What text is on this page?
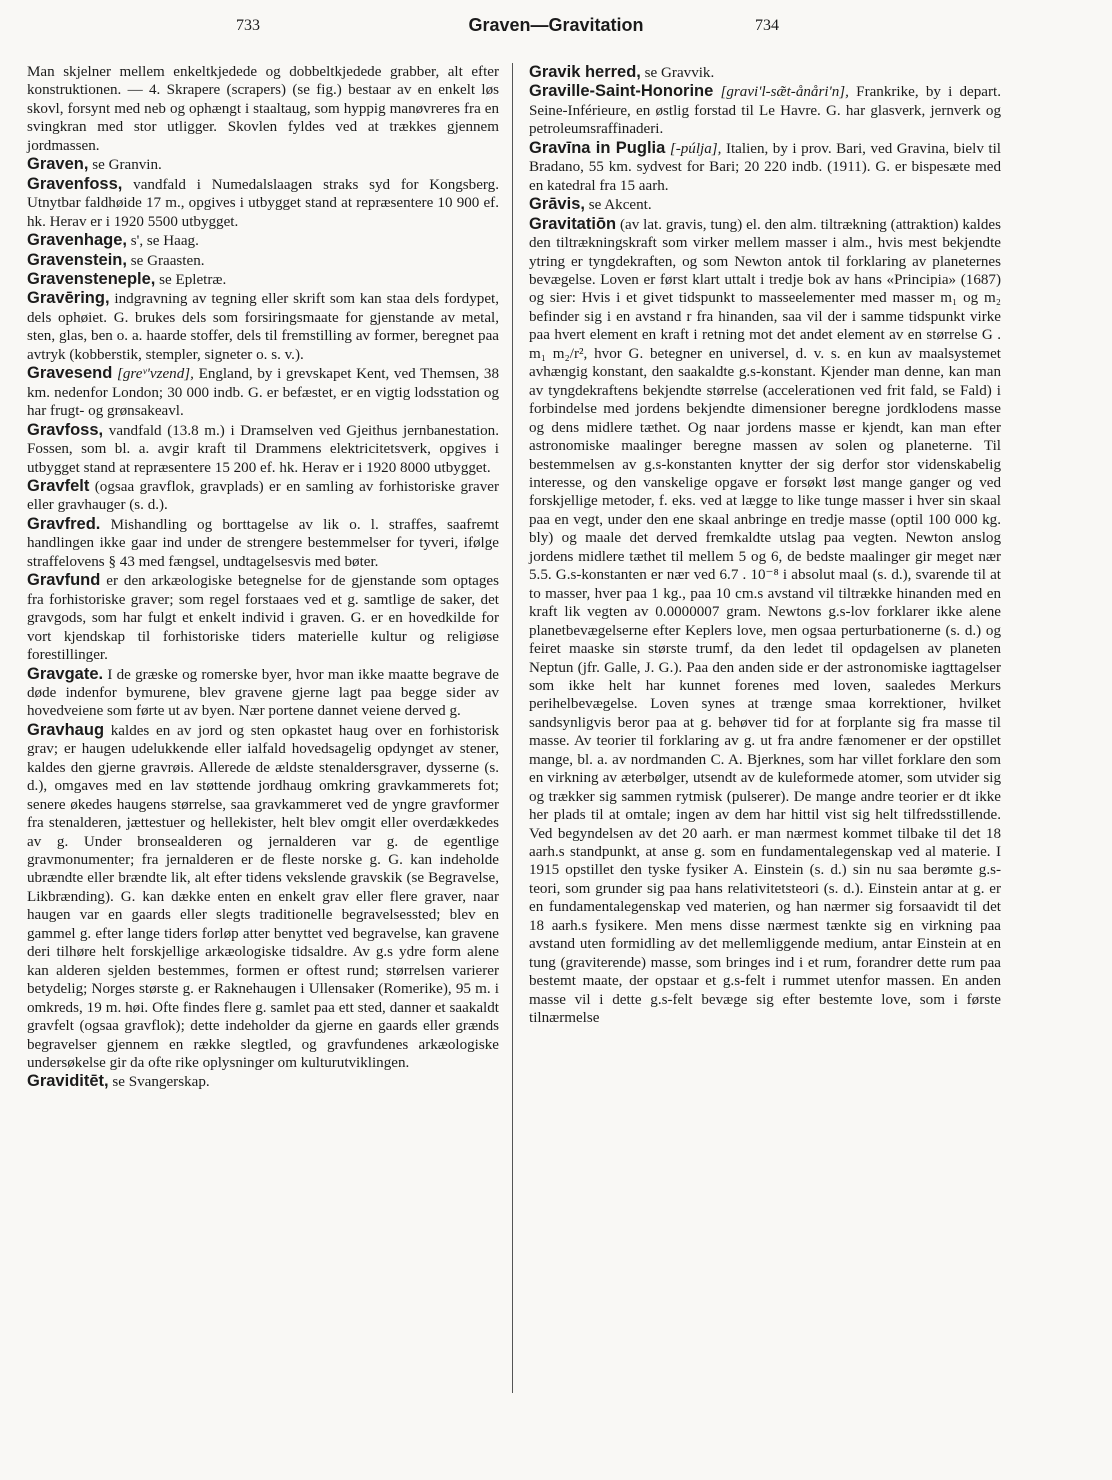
733	Graven—Gravitation	734

Man skjelner mellem enkeltkjedede og dobbeltkjedede grabber, alt efter konstruktionen. — 4. Skrapere (scrapers) (se fig.) bestaar av en enkelt løs skovl, forsynt med neb og ophængt i staaltaug, som hyppig manøvreres fra en svingkran med stor utligger. Skovlen fyldes ved at trækkes gjennem jordmassen.

Graven, se Granvin.

Gravenfoss, vandfald i Numedalslaagen straks syd for Kongsberg. Utnytbar faldhøide 17 m., opgives i utbygget stand at repræsentere 10 900 ef. hk. Herav er i 1920 5500 utbygget.

Gravenhage, s', se Haag.

Gravenstein, se Graasten.

Gravensteneple, se Epletræ.

Gravēring, indgravning av tegning eller skrift som kan staa dels fordypet, dels ophøiet. G. brukes dels som forsiringsmaate for gjenstande av metal, sten, glas, ben o. a. haarde stoffer, dels til fremstilling av former, beregnet paa avtryk (kobberstik, stempler, signeter o. s. v.).

Gravesend [greᵛ'vzend], England, by i grevskapet Kent, ved Themsen, 38 km. nedenfor London; 30 000 indb. G. er befæstet, er en vigtig lodsstation og har frugt- og grønsakeavl.

Gravfoss, vandfald (13.8 m.) i Dramselven ved Gjeithus jernbanestation. Fossen, som bl. a. avgir kraft til Drammens elektricitetsverk, opgives i utbygget stand at repræsentere 15 200 ef. hk. Herav er i 1920 8000 utbygget.

Gravfelt (ogsaa gravflok, gravplads) er en samling av forhistoriske graver eller gravhauger (s. d.).

Gravfred. Mishandling og borttagelse av lik o. l. straffes, saafremt handlingen ikke gaar ind under de strengere bestemmelser for tyveri, ifølge straffelovens § 43 med fængsel, undtagelsesvis med bøter.

Gravfund er den arkæologiske betegnelse for de gjenstande som optages fra forhistoriske graver; som regel forstaaes ved et g. samtlige de saker, det gravgods, som har fulgt et enkelt individ i graven. G. er en hovedkilde for vort kjendskap til forhistoriske tiders materielle kultur og religiøse forestillinger.

Gravgate. I de græske og romerske byer, hvor man ikke maatte begrave de døde indenfor bymurene, blev gravene gjerne lagt paa begge sider av hovedveiene som førte ut av byen. Nær portene dannet veiene derved g.

Gravhaug kaldes en av jord og sten opkastet haug over en forhistorisk grav; er haugen udelukkende eller ialfald hovedsagelig opdynget av stener, kaldes den gjerne gravrøis. Allerede de ældste stenaldersgraver, dysserne (s. d.), omgaves med en lav støttende jordhaug omkring gravkammerets fot; senere økedes haugens størrelse, saa gravkammeret ved de yngre gravformer fra stenalderen, jættestuer og hellekister, helt blev omgit eller overdækkedes av g. Under bronsealderen og jernalderen var g. de egentlige gravmonumenter; fra jernalderen er de fleste norske g. G. kan indeholde ubrændte eller brændte lik, alt efter tidens vekslende gravskik (se Begravelse, Likbrænding). G. kan dække enten en enkelt grav eller flere graver, naar haugen var en gaards eller slegts traditionelle begravelsessted; blev en gammel g. efter lange tiders forløp atter benyttet ved begravelse, kan gravene deri tilhøre helt forskjellige arkæologiske tidsaldre. Av g.s ydre form alene kan alderen sjelden bestemmes, formen er oftest rund; størrelsen varierer betydelig; Norges største g. er Raknehaugen i Ullensaker (Romerike), 95 m. i omkreds, 19 m. høi. Ofte findes flere g. samlet paa ett sted, danner et saakaldt gravfelt (ogsaa gravflok); dette indeholder da gjerne en gaards eller grænds begravelser gjennem en række slegtled, og gravfundenes arkæologiske undersøkelse gir da ofte rike oplysninger om kulturutviklingen.

Graviditēt, se Svangerskap.

Gravik herred, se Gravvik.

Graville-Saint-Honorine [gravi'l-sæ̃t-ånåri'n], Frankrike, by i depart. Seine-Inférieure, en østlig forstad til Le Havre. G. har glasverk, jernverk og petroleumsraffinaderi.

Gravīna in Puglia [-púlja], Italien, by i prov. Bari, ved Gravina, bielv til Bradano, 55 km. sydvest for Bari; 20 220 indb. (1911). G. er bispesæte med en katedral fra 15 aarh.

Grāvis, se Akcent.

Gravitatiōn (av lat. gravis, tung) el. den alm. tiltrækning (attraktion) kaldes den tiltrækningskraft som virker mellem masser i alm., hvis mest bekjendte ytring er tyngdekraften, og som Newton antok til forklaring av planeternes bevægelse. Loven er først klart uttalt i tredje bok av hans «Principia» (1687) og sier: Hvis i et givet tidspunkt to masseelementer med masser m₁ og m₂ befinder sig i en avstand r fra hinanden, saa vil der i samme tidspunkt virke paa hvert element en kraft i retning mot det andet element av en størrelse G . m₁ m₂/r², hvor G. betegner en universel, d. v. s. en kun av maalsystemet avhængig konstant, den saakaldte g.s-konstant. Kjender man denne, kan man av tyngdekraftens bekjendte størrelse (accelerationen ved frit fald, se Fald) i forbindelse med jordens bekjendte dimensioner beregne jordklodens masse og dens midlere tæthet. Og naar jordens masse er kjendt, kan man efter astronomiske maalinger beregne massen av solen og planeterne. Til bestemmelsen av g.s-konstanten knytter der sig derfor stor videnskabelig interesse, og den vanskelige opgave er forsøkt løst mange ganger og ved forskjellige metoder, f. eks. ved at lægge to like tunge masser i hver sin skaal paa en vegt, under den ene skaal anbringe en tredje masse (optil 100 000 kg. bly) og maale det derved fremkaldte utslag paa vegten. Newton anslog jordens midlere tæthet til mellem 5 og 6, de bedste maalinger gir meget nær 5.5. G.s-konstanten er nær ved 6.7 . 10⁻⁸ i absolut maal (s. d.), svarende til at to masser, hver paa 1 kg., paa 10 cm.s avstand vil tiltrække hinanden med en kraft lik vegten av 0.0000007 gram. Newtons g.s-lov forklarer ikke alene planetbevægelserne efter Keplers love, men ogsaa perturbationerne (s. d.) og feiret maaske sin største trumf, da den ledet til opdagelsen av planeten Neptun (jfr. Galle, J. G.). Paa den anden side er der astronomiske iagttagelser som ikke helt har kunnet forenes med loven, saaledes Merkurs perihelbevægelse. Loven synes at trænge smaa korrektioner, hvilket sandsynligvis beror paa at g. behøver tid for at forplante sig fra masse til masse. Av teorier til forklaring av g. ut fra andre fænomener er der opstillet mange, bl. a. av nordmanden C. A. Bjerknes, som har villet forklare den som en virkning av æterbølger, utsendt av de kuleformede atomer, som utvider sig og trækker sig sammen rytmisk (pulserer). De mange andre teorier er dt ikke her plads til at omtale; ingen av dem har hittil vist sig helt tilfredsstillende. Ved begyndelsen av det 20 aarh. er man nærmest kommet tilbake til det 18 aarh.s standpunkt, at anse g. som en fundamentalegenskap ved al materie. I 1915 opstillet den tyske fysiker A. Einstein (s. d.) sin nu saa berømte g.s-teori, som grunder sig paa hans relativitetsteori (s. d.). Einstein antar at g. er en fundamentalegenskap ved materien, og han nærmer sig forsaavidt til det 18 aarh.s fysikere. Men mens disse nærmest tænkte sig en virkning paa avstand uten formidling av det mellemliggende medium, antar Einstein at en tung (graviterende) masse, som bringes ind i et rum, forandrer dette rum paa bestemt maate, der opstaar et g.s-felt i rummet utenfor massen. En anden masse vil i dette g.s-felt bevæge sig efter bestemte love, som i første tilnærmelse
